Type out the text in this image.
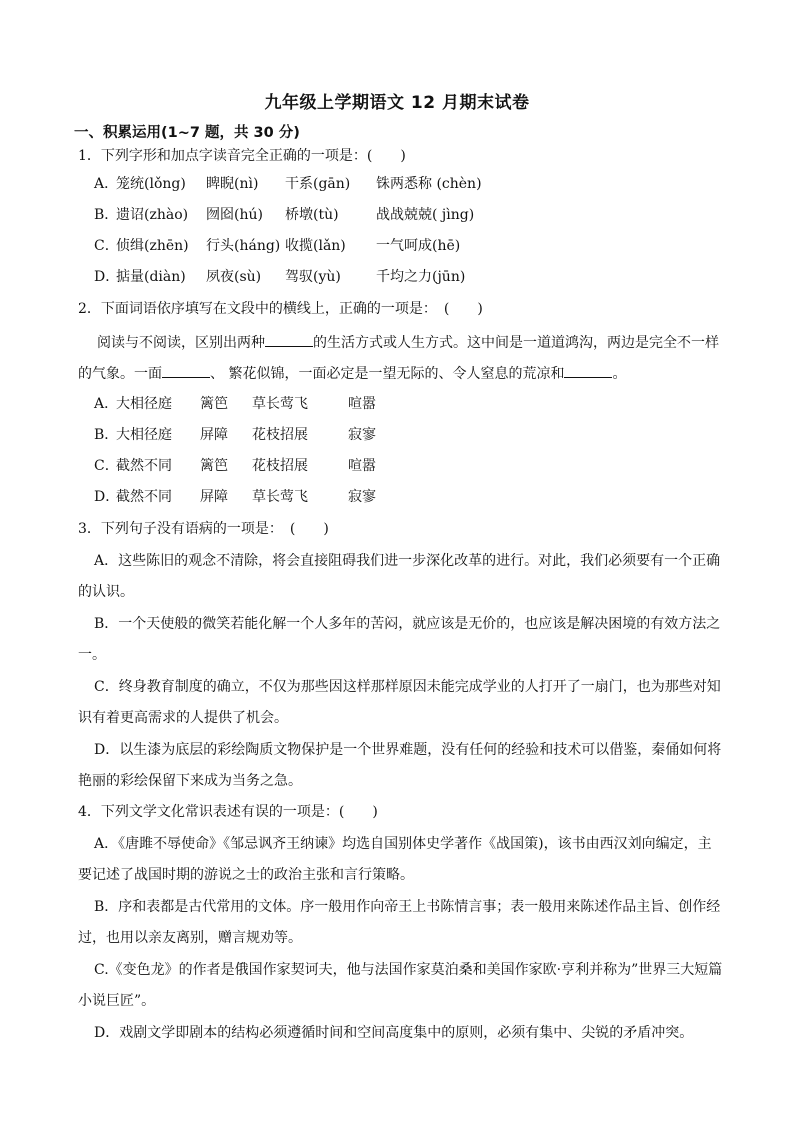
九年级上学期语文 12 月期末试卷
一、积累运用(1~7 题，共 30 分)
1．下列字形和加点字读音完全正确的一项是：(　　)
A．笼统(lǒng) 睥睨(nì) 干系(gān) 铢两悉称 (chèn)
B．遗诏(zhào) 囫囵(hú) 桥墩(tù)	战战兢兢( jìng)
C．侦缉(zhēn) 行头(háng) 收揽(lǎn) 一气呵成(hē)
D．掂量(diàn) 夙夜(sù) 驾驭(yù)	千均之力(jūn)
2．下面词语依序填写在文段中的横线上，正确的一项是：　(　　)
阅读与不阅读，区别出两种	的生活方式或人生方式。这中间是一道道鸿沟，两边是完全不一样
的气象。一面	、 繁花似锦，一面必定是一望无际的、令人窒息的荒凉和	。
A．大相径庭 篱笆 草长莺飞	喧嚣
B．大相径庭 屏障 花枝招展	寂寥
C．截然不同 篱笆 花枝招展	喧嚣
D．截然不同 屏障 草长莺飞	寂寥
3．下列句子没有语病的一项是：　(　　)
A．这些陈旧的观念不清除，将会直接阻碍我们进一步深化改革的进行。对此，我们必须要有一个正确
的认识。
B．一个天使般的微笑若能化解一个人多年的苦闷，就应该是无价的，也应该是解决困境的有效方法之
一。
C．终身教育制度的确立，不仅为那些因这样那样原因未能完成学业的人打开了一扇门，也为那些对知
识有着更高需求的人提供了机会。
D．以生漆为底层的彩绘陶质文物保护是一个世界难题，没有任何的经验和技术可以借鉴，秦俑如何将
艳丽的彩绘保留下来成为当务之急。
4．下列文学文化常识表述有误的一项是：(　　)
A．《唐雎不辱使命》《邹忌讽齐王纳谏》均选自国别体史学著作《战国策)，该书由西汉刘向编定，主
要记述了战国时期的游说之士的政治主张和言行策略。
B．序和表都是古代常用的文体。序一般用作向帝王上书陈情言事；表一般用来陈述作品主旨、创作经
过，也用以亲友离别，赠言规劝等。
C.《变色龙》的作者是俄国作家契诃夫，他与法国作家莫泊桑和美国作家欧·亨利并称为”世界三大短篇
小说巨匠”。
D．戏剧文学即剧本的结构必须遵循时间和空间高度集中的原则，必须有集中、尖锐的矛盾冲突。
